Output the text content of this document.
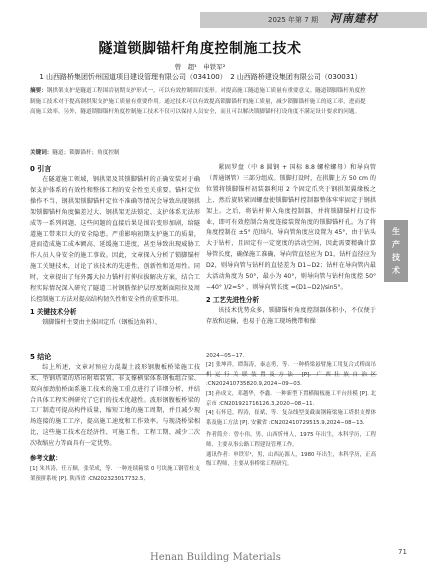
2025 年第 7 期 河南建材
隧道锁脚锚杆角度控制施工技术
曾　超¹　申铁军²
1 山西路桥集团忻州国道项目建设管理有限公司（034100）　2 山西路桥建设集团有限公司（030031）
摘要：钢拱架支护是隧道工程围岩初期支护形式一，可以有效控制围岩变形。对提高施工隧道施工质量有重要意义。隧道锁脚锚杆角度控制施工技术对于提高钢拱架支护施工质量有重要作用。通过技术可以有效提高锁脚锚杆的施工质量，减少锁脚锚杆施工的返工率，进而提高施工效率。另外，隧道锁脚锚杆角度控制施工技术不仅可以保持人员安全，而且可以解决锁脚锚杆打设角度不满足设计要求的问题。
关键词：隧道；锁脚锚杆；角度控制
0 引言

在隧道施工领域，钢拱架及其锁脚锚杆的正确安装对于确保支护体系的有效性和整体工程的安全性至关重要。锚杆定位操作不当、钢拱架锁脚锚杆定位不准确等情况会导致出现钢拱架锁脚锚杆角度偏差过大、钢拱架无法锁定、支护体系无法形成等一系列问题，这些问题的直接后果是围岩变形加剧，给隧道施工带来巨大的安全隐患。严重影响初期支护施工的质量，进而造成施工成本额高、延缓施工进度，甚至导致出现威胁工作人员人身安全的施工事故。因此，文章探入分析了锁脚锚杆施工关键技术，讨论了该技术的先进性、创新性和适用性。同时，文章提出了每外露大拉力锚杆打伸拉拔解决方案，结合工程实际情况深入研究了隧道二衬钢筋保护层厚度断面阻位及周长控制施工方法对提高结构韧久性和安全性的重要作用。

1 关键技术分析

锁脚锚杆主要由主体固定爪（钢板边角料）、

5 结论

综上所述，文章对预应力混凝土波形钢腹板桥梁施工技术、型钢塔架的塔吊附墙装置、非支撑横梁体系钢板组合梁、双向加劲肋桥面系施工技术的施工重点进行了详细分析，并结合具体工程实例研究了它们的技术优越性。波形钢腹板桥梁的工厂制造可提高构件质量，缩短工地的施工周期，并且减少现场连接的施工工序，提高施工速度和工作效率。与现浇桥梁相比，这些施工技术在经济性、可施工性、工程工期、减少二次次收缩应力等面具有一定优势。

参考文献：

[1] 朱其涛，任万顺，张荣成，等．一种连续箱梁 0 号块施工钢管柱支架预拼系统 [P]. 陕西省 :CN202323017732.5,

紧固罗盘（中 8 圆钢 + 国标 8.8 螺栓螺母）和导向管（普通钢管）三部分组成。锁脚打设时，在拱脚上方 50 cm 的位置将锁脚锚杆初装器利用 2 个固定爪夹于钢拱架翼缘板之上，然后旋转紧固螺盘使锁脚锚杆控制器整体牢牢固定于钢拱架上。之后，将钻杆伸入角度控制器，并将锁脚锚杆打设作业，即可有效控制合角度连接装置角度的锁脚锚杆孔。为了将角度控制在 ±5° 范围内，导向管角度应设置为 45°，由于钻头大于钻杆，且固定有一定宽度的活动空间，因此需要精确计算导管长度，确保施工准确，导向管直径应为 D1，钻杆直径应为 D2，则导向管与钻杆的直径差为 D1−D2；钻杆在导向管内最大活动角度为 50°，最小为 40°，则导向管与钻杆角度控 50° −40° )/2=5° ，则导向管长度 =(D1−D2)/sin5°。

2 工艺先进性分析

该技术优势众多，锁脚锚杆角度控制器体积小，不仅便于存放和运输，也易于在施工现场携带和操

2024−05−17.

[2] 张坤祥，谭海涛，秦志勇，等．一种桥梁悬臂施工用复合式桥面吊机运行关联装置及方法 [P]. 广西壮族自治区 :CN202410735820.9,2024−09−03.

[3] 孙成文，邓越华，李鑫．一种新型下置横隔板施工平台挂模 [P]. 北京市 :CN201921716126.3,2020−08−11.

[4] 石怀廷，程涛，崔斌，等．复杂线型变截面钢箱梁施工塔拱支撑体系及施工方法 [P]. 安徽省 :CN202410729515.9,2024−08−13.

作者简介：曾小伟，男，山西忻州人，1975 年出生，本科学历，工程师，主要从事公路工程建设管理工作。

通讯作者：申铁军¹，男，山西沁源人，1980 年出生，本科学历，正高级工程师，主要从事桥梁工程研究。

生
产
技
术
Henan Building Materials	71
